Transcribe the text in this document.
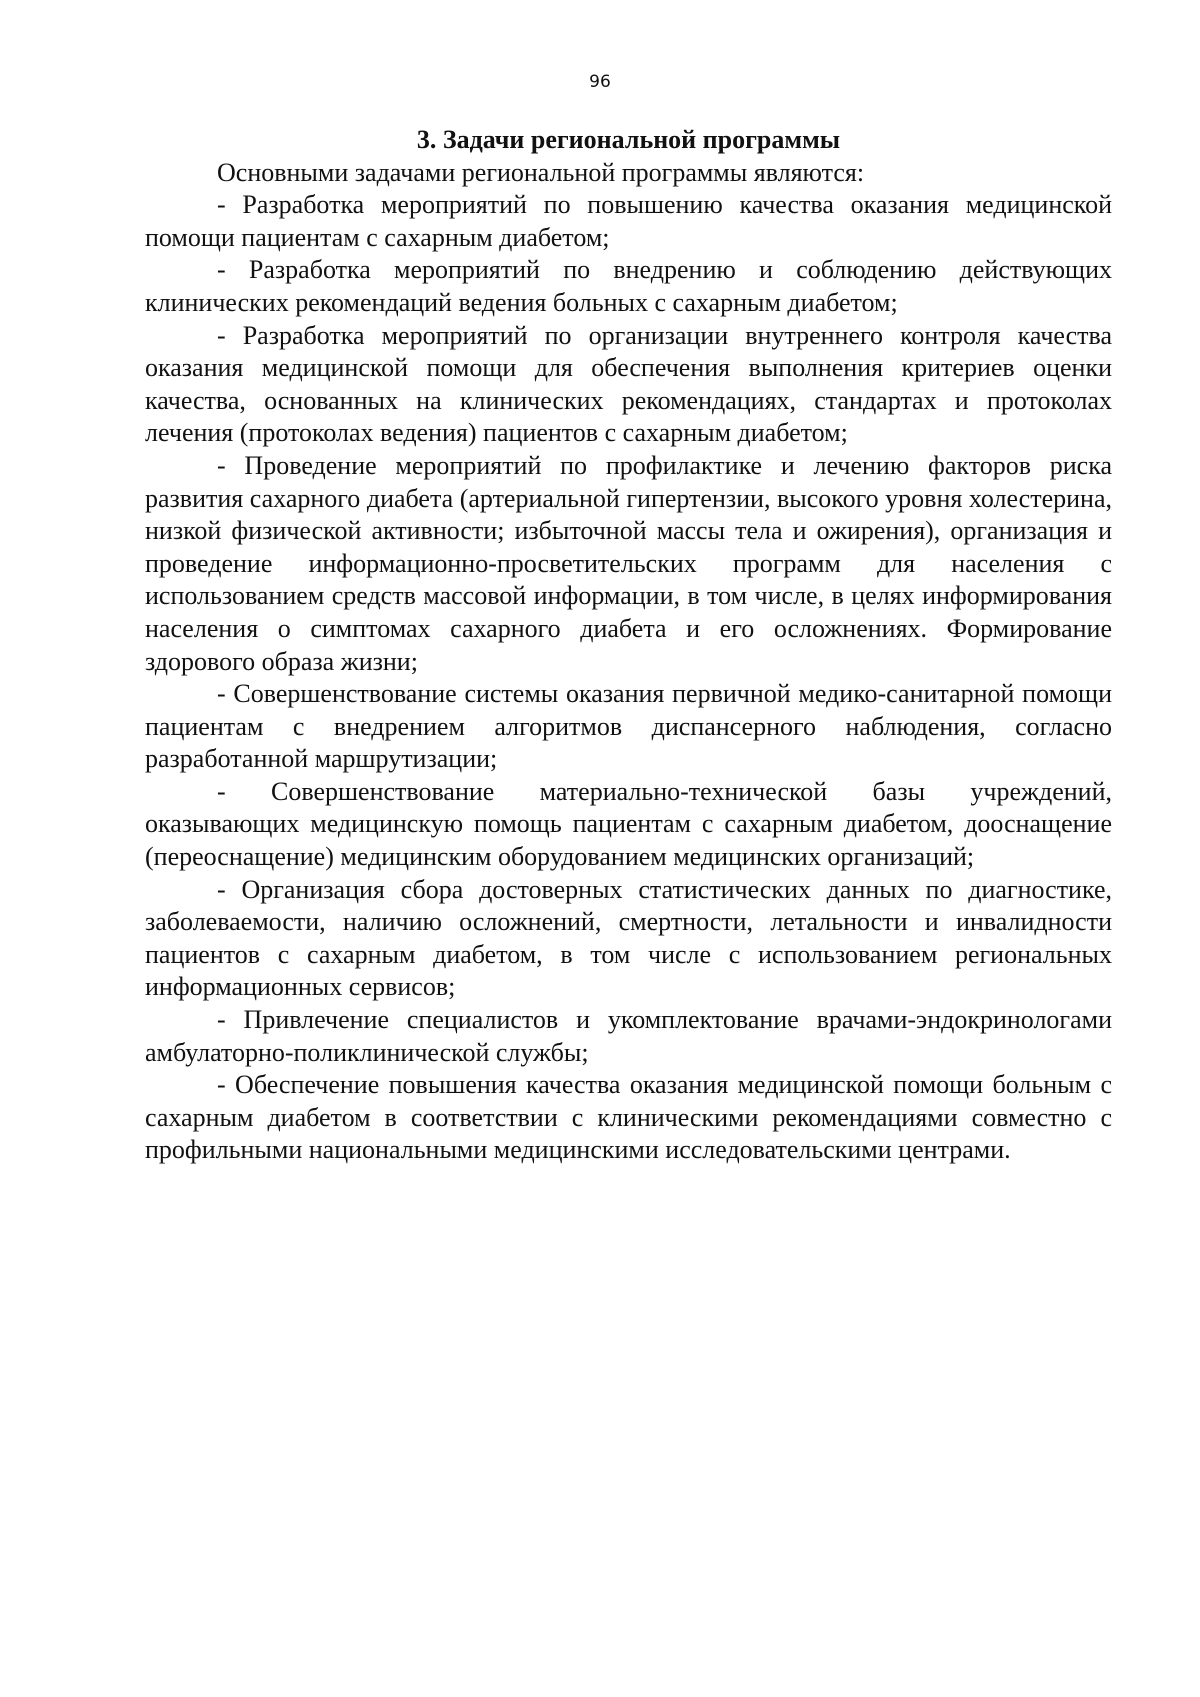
96
3. Задачи региональной программы

Основными задачами региональной программы являются:

- Разработка мероприятий по повышению качества оказания медицинской помощи пациентам с сахарным диабетом;
- Разработка мероприятий по внедрению и соблюдению действующих клинических рекомендаций ведения больных с сахарным диабетом;
- Разработка мероприятий по организации внутреннего контроля качества оказания медицинской помощи для обеспечения выполнения критериев оценки качества, основанных на клинических рекомендациях, стандартах и протоколах лечения (протоколах ведения) пациентов с сахарным диабетом;
- Проведение мероприятий по профилактике и лечению факторов риска развития сахарного диабета (артериальной гипертензии, высокого уровня холестерина, низкой физической активности; избыточной массы тела и ожирения), организация и проведение информационно-просветительских программ для населения с использованием средств массовой информации, в том числе, в целях информирования населения о симптомах сахарного диабета и его осложнениях. Формирование здорового образа жизни;
- Совершенствование системы оказания первичной медико-санитарной помощи пациентам с внедрением алгоритмов диспансерного наблюдения, согласно разработанной маршрутизации;
- Совершенствование материально-технической базы учреждений, оказывающих медицинскую помощь пациентам с сахарным диабетом, дооснащение (переоснащение) медицинским оборудованием медицинских организаций;
- Организация сбора достоверных статистических данных по диагностике, заболеваемости, наличию осложнений, смертности, летальности и инвалидности пациентов с сахарным диабетом, в том числе с использованием региональных информационных сервисов;
- Привлечение специалистов и укомплектование врачами-эндокринологами амбулаторно-поликлинической службы;
- Обеспечение повышения качества оказания медицинской помощи больным с сахарным диабетом в соответствии с клиническими рекомендациями совместно с профильными национальными медицинскими исследовательскими центрами.
